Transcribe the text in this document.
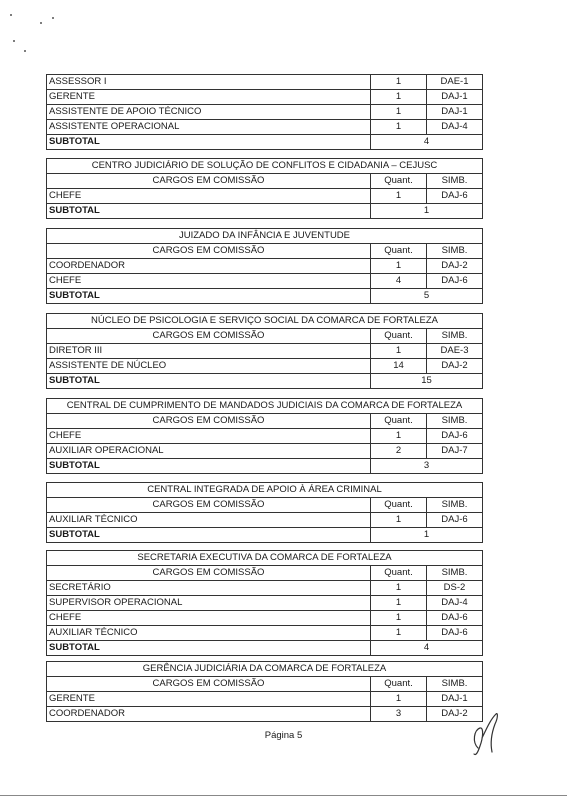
ASSESSOR I	1	DAE-1
GERENTE	1	DAJ-1
ASSISTENTE DE APOIO TÉCNICO	1	DAJ-1
ASSISTENTE OPERACIONAL	1	DAJ-4
SUBTOTAL	4	
CENTRO JUDICIÁRIO DE SOLUÇÃO DE CONFLITOS E CIDADANIA – CEJUSC		
CARGOS EM COMISSÃO	Quant.	SIMB.
CHEFE	1	DAJ-6
SUBTOTAL	1	
JUIZADO DA INFÂNCIA E JUVENTUDE		
CARGOS EM COMISSÃO	Quant.	SIMB.
COORDENADOR	1	DAJ-2
CHEFE	4	DAJ-6
SUBTOTAL	5	
NÚCLEO DE PSICOLOGIA E SERVIÇO SOCIAL DA COMARCA DE FORTALEZA		
CARGOS EM COMISSÃO	Quant.	SIMB.
DIRETOR III	1	DAE-3
ASSISTENTE DE NÚCLEO	14	DAJ-2
SUBTOTAL	15	
CENTRAL DE CUMPRIMENTO DE MANDADOS JUDICIAIS DA COMARCA DE FORTALEZA		
CARGOS EM COMISSÃO	Quant.	SIMB.
CHEFE	1	DAJ-6
AUXILIAR OPERACIONAL	2	DAJ-7
SUBTOTAL	3	
CENTRAL INTEGRADA DE APOIO À ÁREA CRIMINAL		
CARGOS EM COMISSÃO	Quant.	SIMB.
AUXILIAR TÉCNICO	1	DAJ-6
SUBTOTAL	1	
SECRETARIA EXECUTIVA DA COMARCA DE FORTALEZA		
CARGOS EM COMISSÃO	Quant.	SIMB.
SECRETÁRIO	1	DS-2
SUPERVISOR OPERACIONAL	1	DAJ-4
CHEFE	1	DAJ-6
AUXILIAR TÉCNICO	1	DAJ-6
SUBTOTAL	4	
GERÊNCIA JUDICIÁRIA DA COMARCA DE FORTALEZA		
CARGOS EM COMISSÃO	Quant.	SIMB.
GERENTE	1	DAJ-1
COORDENADOR	3	DAJ-2
Página 5
